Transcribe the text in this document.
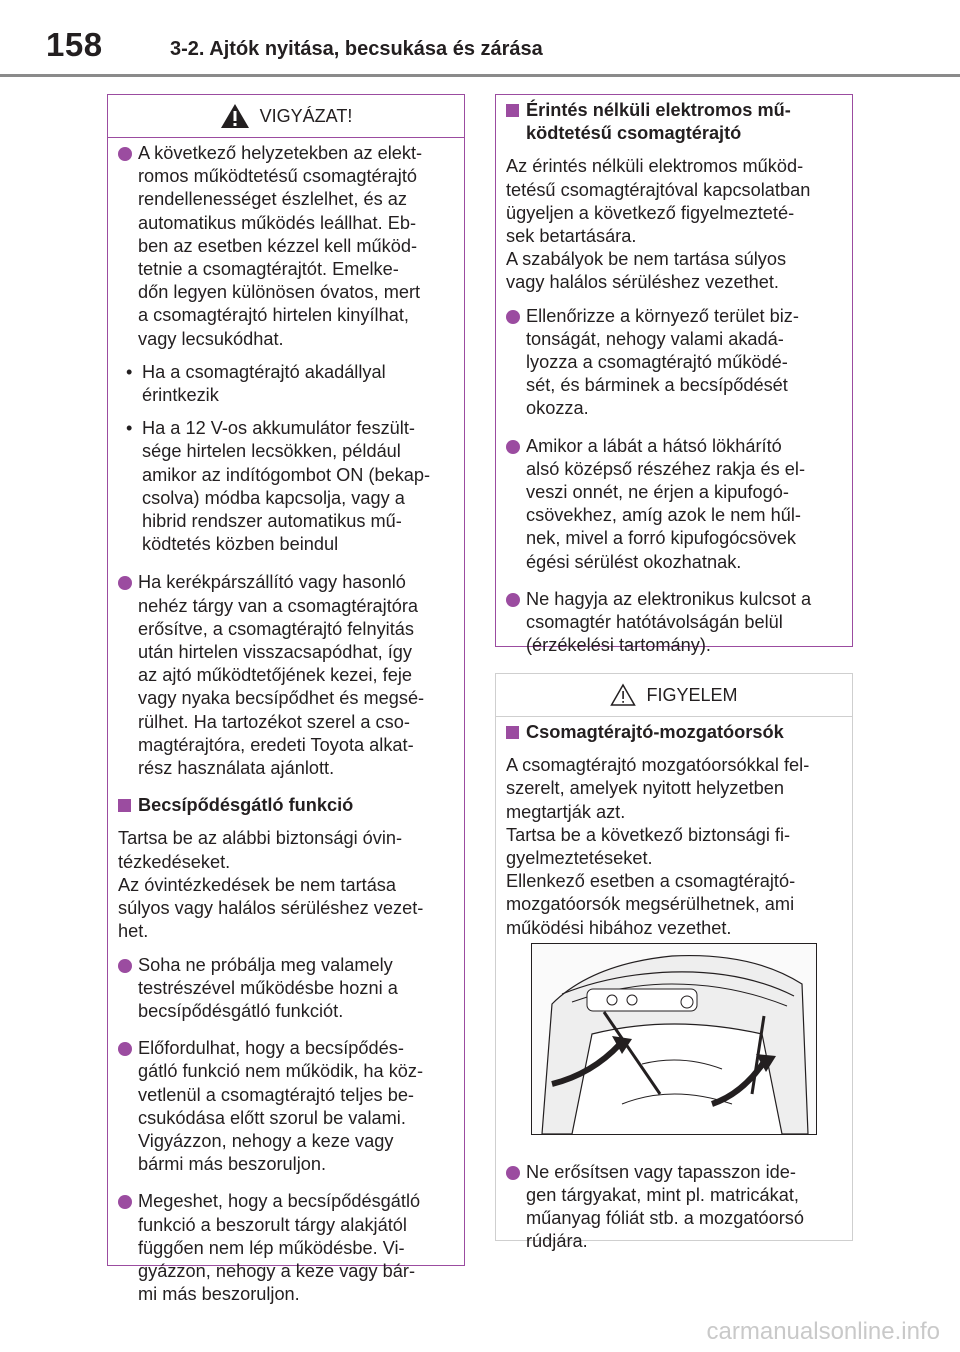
158	3-2. Ajtók nyitása, becsukása és zárása
VIGYÁZAT!
A következő helyzetekben az elekt-
romos működtetésű csomagtérajtó
rendellenességet észlelhet, és az
automatikus működés leállhat. Eb-
ben az esetben kézzel kell működ-
tetnie a csomagtérajtót. Emelke-
dőn legyen különösen óvatos, mert
a csomagtérajtó hirtelen kinyílhat,
vagy lecsukódhat.
• Ha a csomagtérajtó akadállyal
érintkezik
• Ha a 12 V-os akkumulátor feszült-
sége hirtelen lecsökken, például
amikor az indítógombot ON (bekap-
csolva) módba kapcsolja, vagy a
hibrid rendszer automatikus mű-
ködtetés közben beindul
Ha kerékpárszállító vagy hasonló
nehéz tárgy van a csomagtérajtóra
erősítve, a csomagtérajtó felnyitás
után hirtelen visszacsapódhat, így
az ajtó működtetőjének kezei, feje
vagy nyaka becsípődhet és megsé-
rülhet. Ha tartozékot szerel a cso-
magtérajtóra, eredeti Toyota alkat-
rész használata ajánlott.
Becsípődésgátló funkció
Tartsa be az alábbi biztonsági óvin-
tézkedéseket.
Az óvintézkedések be nem tartása
súlyos vagy halálos sérüléshez vezet-
het.
Soha ne próbálja meg valamely
testrészével működésbe hozni a
becsípődésgátló funkciót.
Előfordulhat, hogy a becsípődés-
gátló funkció nem működik, ha köz-
vetlenül a csomagtérajtó teljes be-
csukódása előtt szorul be valami.
Vigyázzon, nehogy a keze vagy
bármi más beszoruljon.
Megeshet, hogy a becsípődésgátló
funkció a beszorult tárgy alakjától
függően nem lép működésbe. Vi-
gyázzon, nehogy a keze vagy bár-
mi más beszoruljon.
Érintés nélküli elektromos mű-
ködtetésű csomagtérajtó
Az érintés nélküli elektromos működ-
tetésű csomagtérajtóval kapcsolatban
ügyeljen a következő figyelmezteté-
sek betartására.
A szabályok be nem tartása súlyos
vagy halálos sérüléshez vezethet.
Ellenőrizze a környező terület biz-
tonságát, nehogy valami akadá-
lyozza a csomagtérajtó működé-
sét, és bárminek a becsípődését
okozza.
Amikor a lábát a hátsó lökhárító
alsó középső részéhez rakja és el-
veszi onnét, ne érjen a kipufogó-
csövekhez, amíg azok le nem hűl-
nek, mivel a forró kipufogócsövek
égési sérülést okozhatnak.
Ne hagyja az elektronikus kulcsot a
csomagtér hatótávolságán belül
(érzékelési tartomány).
FIGYELEM
Csomagtérajtó-mozgatóorsók
A csomagtérajtó mozgatóorsókkal fel-
szerelt, amelyek nyitott helyzetben
megtartják azt.
Tartsa be a következő biztonsági fi-
gyelmeztetéseket.
Ellenkező esetben a csomagtérajtó-
mozgatóorsók megsérülhetnek, ami
működési hibához vezethet.
Ne erősítsen vagy tapasszon ide-
gen tárgyakat, mint pl. matricákat,
műanyag fóliát stb. a mozgatóorsó
rúdjára.
carmanualsonline.info
